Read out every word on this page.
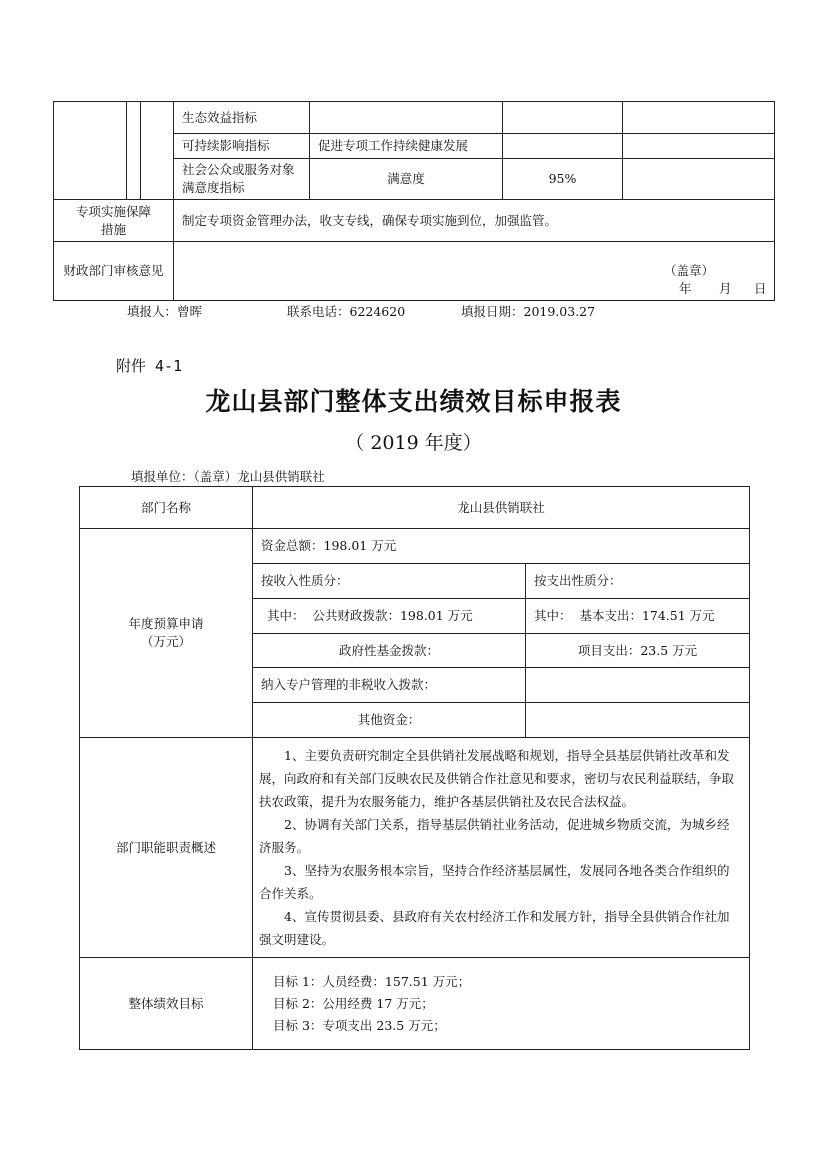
			生态效益指标			
			可持续影响指标	促进专项工作持续健康发展		
			社会公众或服务对象满意度指标	满意度	95%	
专项实施保障措施			制定专项资金管理办法，收支专线，确保专项实施到位，加强监管。			
财政部门审核意见			（盖章）
年 月 日			
填报人：曾晖	联系电话：6224620	填报日期：2019.03.27
附件 4-1
龙山县部门整体支出绩效目标申报表
（ 2019 年度）
填报单位：（盖章）龙山县供销联社
部门名称	龙山县供销联社	

年度预算申请
（万元）	资金总额：198.01 万元	
	按收入性质分：	按支出性质分：
	其中：  公共财政拨款：198.01 万元	其中：  基本支出：174.51 万元
	政府性基金拨款：	项目支出：23.5 万元
	纳入专户管理的非税收入拨款：	
	其他资金：	
部门职能职责概述	1、主要负责研究制定全县供销社发展战略和规划，指导全县基层供销社改革和发展，向政府和有关部门反映农民及供销合作社意见和要求，密切与农民利益联结，争取扶农政策，提升为农服务能力，维护各基层供销社及农民合法权益。

2、协调有关部门关系，指导基层供销社业务活动，促进城乡物质交流，为城乡经济服务。

3、坚持为农服务根本宗旨，坚持合作经济基层属性，发展同各地各类合作组织的合作关系。

4、宣传贯彻县委、县政府有关农村经济工作和发展方针，指导全县供销合作社加强文明建设。	

整体绩效目标	目标 1：人员经费：157.51 万元；
目标 2：公用经费 17 万元；
目标 3：专项支出 23.5 万元；	
